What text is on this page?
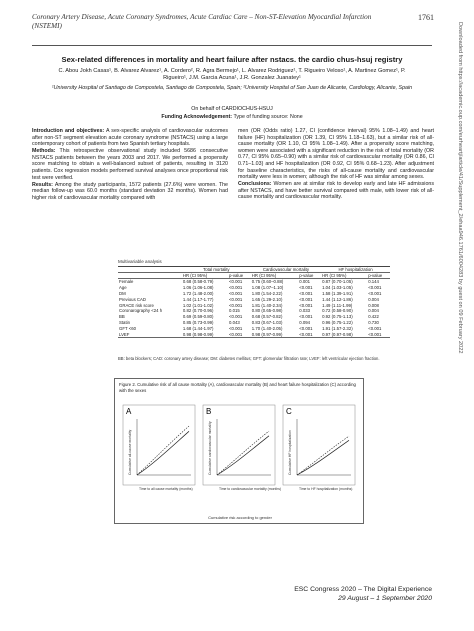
Coronary Artery Disease, Acute Coronary Syndromes, Acute Cardiac Care – Non-ST-Elevation Myocardial Infarction (NSTEMI)
1761
Downloaded from https://academic.oup.com/eurheartj/article/41/Supplement_2/ehaa946.1761/6004283 by guest on 09 February 2022
Sex-related differences in mortality and heart failure after nstacs. the cardio chus-hsuj registry
C. Abou Jokh Casas¹, B. Alvarez Alvarez¹, A. Cordero², R. Agra Bermejo¹, L. Alvarez Rodriguez¹, T. Rigueiro Veloso¹, A. Martinez Gomez¹, P. Rigueiro¹, J.M. Garcia Acuna¹, J.R. Gonzalez Juanatey¹
¹University Hospital of Santiago de Compostela, Santiago de Compostela, Spain; ²University Hospital of San Juan de Alicante, Cardiology, Alicante, Spain
On behalf of CARDIOCHUS-HSUJ
Funding Acknowledgement: Type of funding source: None

Introduction and objectives: A sex-specific analysis of cardiovascular outcomes after non-ST segment elevation acute coronary syndrome (NSTACS) using a large contemporary cohort of patients from two Spanish tertiary hospitals.

Methods: This retrospective observational study included 5686 consecutive NSTACS patients between the years 2003 and 2017. We performed a propensity score matching to obtain a well-balanced subset of patients, resulting in 3120 patients. Cox regression models performed survival analyses once proportional risk test were verified.

Results: Among the study participants, 1572 patients (27.6%) were women. The median follow-up was 60.0 months (standard deviation 32 months). Women had higher risk of cardiovascular mortality compared with

men (OR (Odds ratio) 1.27, CI (confidence interval) 95% 1.08–1.49) and heart failure (HF) hospitalization (OR 1.39, CI 95% 1.18–1.63), but a similar risk of all-cause mortality (OR 1.10, CI 95% 1.08–1.49). After a propensity score matching, women were associated with a significant reduction in the risk of total mortality (OR 0.77, CI 95% 0.65–0.90) with a similar risk of cardiovascular mortality (OR 0.86, CI 0.71–1.03) and HF hospitalization (OR 0.92, CI 95% 0.68–1.23). After adjustment for baseline characteristics, the risks of all-cause mortality and cardiovascular mortality were less in women; although the risk of HF was similar among sexes.

Conclusions: Women are at similar risk to develop early and late HF admissions after NSTACS, and have better survival compared with male, with lower risk of all-cause mortality and cardiovascular mortality.

Multivariable analysis
	Total mortality		Cardiovascular mortality		HF hospitalization	
	HR (CI 95%)	p-value	HR (CI 95%)	p-value	HR (CI 95%)	p-value
Female	0.68 (0.58-0.79)	<0.001	0.75 (0.60–0.88)	0.001	0.87 (0.70-1.05)	0.144
Age	1.06 (1.06-1.08)	<0.001	1.08 (1.07–1.10)	<0.001	1.04 (1.03-1.05)	<0.001
DM	1.72 (1.48-2.00)	<0.001	1.80 (1.54-2.22)	<0.001	1.58 (1.39-1.91)	<0.001
Previous CAD	1.44 (1.17-1.77)	<0.001	1.65 (1.29-2.10)	<0.001	1.44 (1.12-1.86)	0.004
GRACE risk score	1.02 (1.01-1.02)	<0.001	1.81 (1.40-2.34)	<0.001	1.49 (1.11-1.99)	0.008
Coronarography <24 h	0.82 (0.70-0.96)	0.015	0.80 (0.65-0.98)	0.033	0.72 (0.58-0.90)	0.004
BB	0.69 (0.59-0.80)	<0.001	0.68 (0.57-0.82)	<0.001	0.92 (0.75-1.13)	0.422
Statin	0.85 (0.73-0.99)	0.043	0.83 (0.67-1.03)	0.094	0.96 (0.75-1.22)	0.730
GFT <60	1.68 (1.44-1.97)	<0.001	1.70 (1.40-2.05)	<0.001	1.91 (1.57-2.32)	<0.001
LVEF	0.98 (0.98-0.99)	<0.001	0.98 (0.97-0.99)	<0.001	0.97 (0.97-0.98)	<0.001
BB: beta blockers; CAD: coronary artery disease; DM: diabetes mellitus; GFT: glomerular filtration rate; LVEF: left ventricular ejection fraction.
Figure 2. Cumulative risk of all cause mortality (A), cardiovascular mortality (B) and heart failure hospitalization (C) according with the sexes
A
Cumulative all-cause mortality
Time to all cause mortality (months)
B
Cumulative cardiovascular mortality
Time to cardiovascular mortality (months)
C
Cumulative HF hospitalization
Time to HF hospitalization (months)
Cumulative risk according to gender
ESC Congress 2020 – The Digital Experience
29 August – 1 September 2020
